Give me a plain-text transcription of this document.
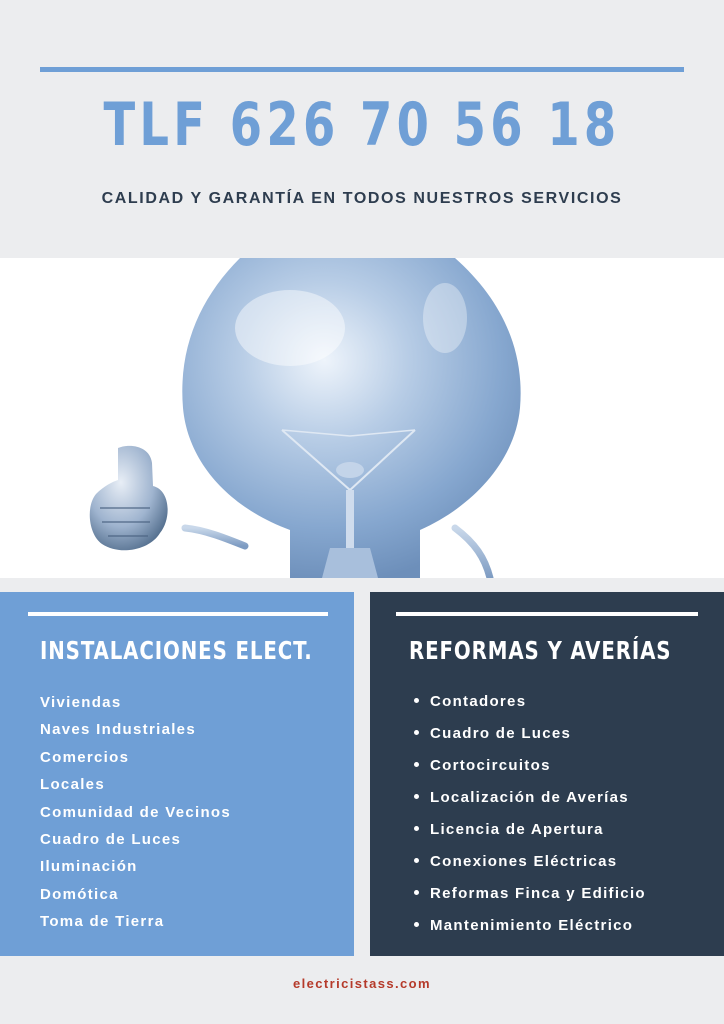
TLF 626 70 56 18
CALIDAD Y GARANTÍA EN TODOS NUESTROS SERVICIOS
INSTALACIONES ELECT.
Viviendas
Naves Industriales
Comercios
Locales
Comunidad de Vecinos
Cuadro de Luces
Iluminación
Domótica
Toma de Tierra
REFORMAS Y AVERÍAS
Contadores
Cuadro de Luces
Cortocircuitos
Localización de Averías
Licencia de Apertura
Conexiones Eléctricas
Reformas Finca y Edificio
Mantenimiento Eléctrico
electricistass.com
